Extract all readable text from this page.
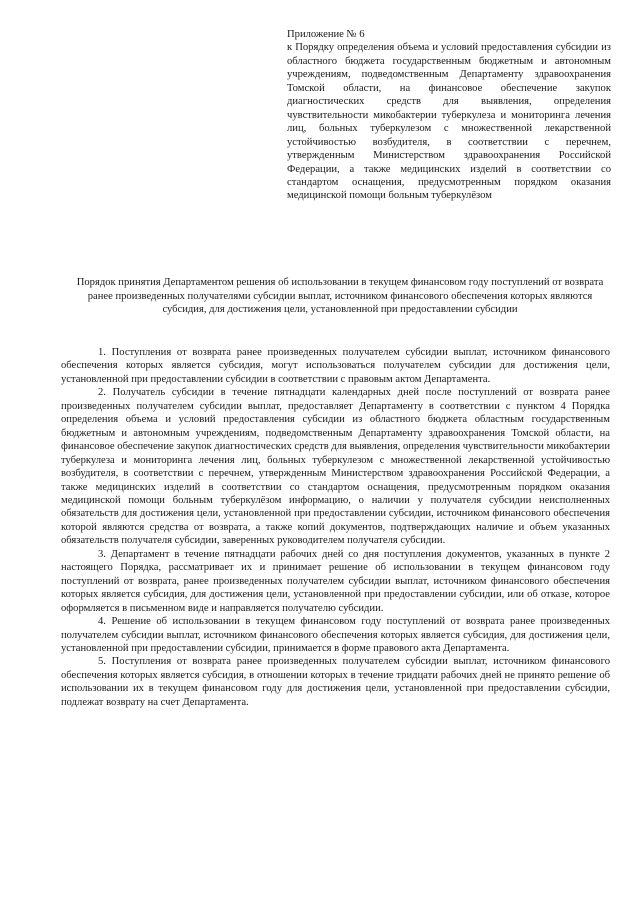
Приложение № 6

к Порядку определения объема и условий предоставления субсидии из областного бюджета государственным бюджетным и автономным учреждениям, подведомственным Департаменту здравоохранения Томской области, на финансовое обеспечение закупок диагностических средств для выявления, определения чувствительности микобактерии туберкулеза и мониторинга лечения лиц, больных туберкулезом с множественной лекарственной устойчивостью возбудителя, в соответствии с перечнем, утвержденным Министерством здравоохранения Российской Федерации, а также медицинских изделий в соответствии со стандартом оснащения, предусмотренным порядком оказания медицинской помощи больным туберкулёзом

Порядок принятия Департаментом решения об использовании в текущем финансовом году поступлений от возврата ранее произведенных получателями субсидии выплат, источником финансового обеспечения которых являются субсидия, для достижения цели, установленной при предоставлении субсидии

1. Поступления от возврата ранее произведенных получателем субсидии выплат, источником финансового обеспечения которых является субсидия, могут использоваться получателем субсидии для достижения цели, установленной при предоставлении субсидии в соответствии с правовым актом Департамента.

2. Получатель субсидии в течение пятнадцати календарных дней после поступлений от возврата ранее произведенных получателем субсидии выплат, предоставляет Департаменту в соответствии с пунктом 4 Порядка определения объема и условий предоставления субсидии из областного бюджета областным государственным бюджетным и автономным учреждениям, подведомственным Департаменту здравоохранения Томской области, на финансовое обеспечение закупок диагностических средств для выявления, определения чувствительности микобактерии туберкулеза и мониторинга лечения лиц, больных туберкулезом с множественной лекарственной устойчивостью возбудителя, в соответствии с перечнем, утвержденным Министерством здравоохранения Российской Федерации, а также медицинских изделий в соответствии со стандартом оснащения, предусмотренным порядком оказания медицинской помощи больным туберкулёзом информацию, о наличии у получателя субсидии неисполненных обязательств для достижения цели, установленной при предоставлении субсидии, источником финансового обеспечения которой являются средства от возврата, а также копий документов, подтверждающих наличие и объем указанных обязательств получателя субсидии, заверенных руководителем получателя субсидии.

3. Департамент в течение пятнадцати рабочих дней со дня поступления документов, указанных в пункте 2 настоящего Порядка, рассматривает их и принимает решение об использовании в текущем финансовом году поступлений от возврата, ранее произведенных получателем субсидии выплат, источником финансового обеспечения которых является субсидия, для достижения цели, установленной при предоставлении субсидии, или об отказе, которое оформляется в письменном виде и направляется получателю субсидии.

4. Решение об использовании в текущем финансовом году поступлений от возврата ранее произведенных получателем субсидии выплат, источником финансового обеспечения которых является субсидия, для достижения цели, установленной при предоставлении субсидии, принимается в форме правового акта Департамента.

5. Поступления от возврата ранее произведенных получателем субсидии выплат, источником финансового обеспечения которых является субсидия, в отношении которых в течение тридцати рабочих дней не принято решение об использовании их в текущем финансовом году для достижения цели, установленной при предоставлении субсидии, подлежат возврату на счет Департамента.
